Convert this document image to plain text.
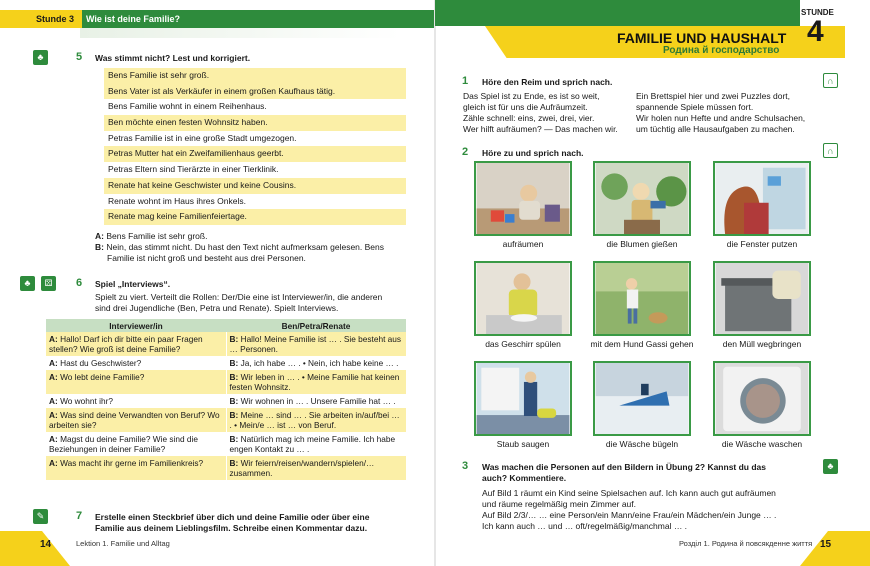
Stunde 3 Wie ist deine Familie?
♣	5 Was stimmt nicht? Lest und korrigiert.
Bens Familie ist sehr groß.
Bens Vater ist als Verkäufer in einem großen Kaufhaus tätig.
Bens Familie wohnt in einem Reihenhaus.
Ben möchte einen festen Wohnsitz haben.
Petras Familie ist in eine große Stadt umgezogen.
Petras Mutter hat ein Zweifamilienhaus geerbt.
Petras Eltern sind Tierärzte in einer Tierklinik.
Renate hat keine Geschwister und keine Cousins.
Renate wohnt im Haus ihres Onkels.
Renate mag keine Familienfeiertage.
A: Bens Familie ist sehr groß.
B: Nein, das stimmt nicht. Du hast den Text nicht aufmerksam gelesen. Bens
Familie ist nicht groß und besteht aus drei Personen.
♣	⚄	6 Spiel „Interviews“.
Spielt zu viert. Verteilt die Rollen: Der/Die eine ist Interviewer/in, die anderen
sind drei Jugendliche (Ben, Petra und Renate). Spielt Interviews.
Interviewer/in	Ben/Petra/Renate
A: Hallo! Darf ich dir bitte ein paar Fragen stellen? Wie groß ist deine Familie?	B: Hallo! Meine Familie ist … . Sie besteht aus … Personen.
A: Hast du Geschwister?	B: Ja, ich habe … . • Nein, ich habe keine … .
A: Wo lebt deine Familie?	B: Wir leben in … . • Meine Familie hat keinen festen Wohnsitz.
A: Wo wohnt ihr?	B: Wir wohnen in … . Unsere Familie hat … .
A: Was sind deine Verwandten von Beruf? Wo arbeiten sie?	B: Meine … sind … . Sie arbeiten in/auf/bei … . • Mein/e … ist … von Beruf.
A: Magst du deine Familie? Wie sind die Beziehungen in deiner Familie?	B: Natürlich mag ich meine Familie. Ich habe engen Kontakt zu … .
A: Was macht ihr gerne im Familienkreis?	B: Wir feiern/reisen/wandern/spielen/… zusammen.
✎	7 Erstelle einen Steckbrief über dich und deine Familie oder über eine
Familie aus deinem Lieblingsfilm. Schreibe einen Kommentar dazu.
14	Lektion 1. Familie und Alltag
FAMILIE UND HAUSHALT
Родина й господарство
STUNDE
4
1 Höre den Reim und sprich nach.	∩
Das Spiel ist zu Ende, es ist so weit,
gleich ist für uns die Aufräumzeit.
Zähle schnell: eins, zwei, drei, vier.
Wer hilft aufräumen? — Das machen wir.
Ein Brettspiel hier und zwei Puzzles dort,
spannende Spiele müssen fort.
Wir holen nun Hefte und andre Schulsachen,
um tüchtig alle Hausaufgaben zu machen.
2 Höre zu und sprich nach.	∩
aufräumen	die Blumen gießen	die Fenster putzen
das Geschirr spülen	mit dem Hund Gassi gehen	den Müll wegbringen
Staub saugen	die Wäsche bügeln	die Wäsche waschen
3 Was machen die Personen auf den Bildern in Übung 2? Kannst du das
auch? Kommentiere.
♣
Auf Bild 1 räumt ein Kind seine Spielsachen auf. Ich kann auch gut aufräumen
und räume regelmäßig mein Zimmer auf.
Auf Bild 2/3/… … eine Person/ein Mann/eine Frau/ein Mädchen/ein Junge … .
Ich kann auch … und … oft/regelmäßig/manchmal … .
Розділ 1. Родина й повсякденне життя 15
